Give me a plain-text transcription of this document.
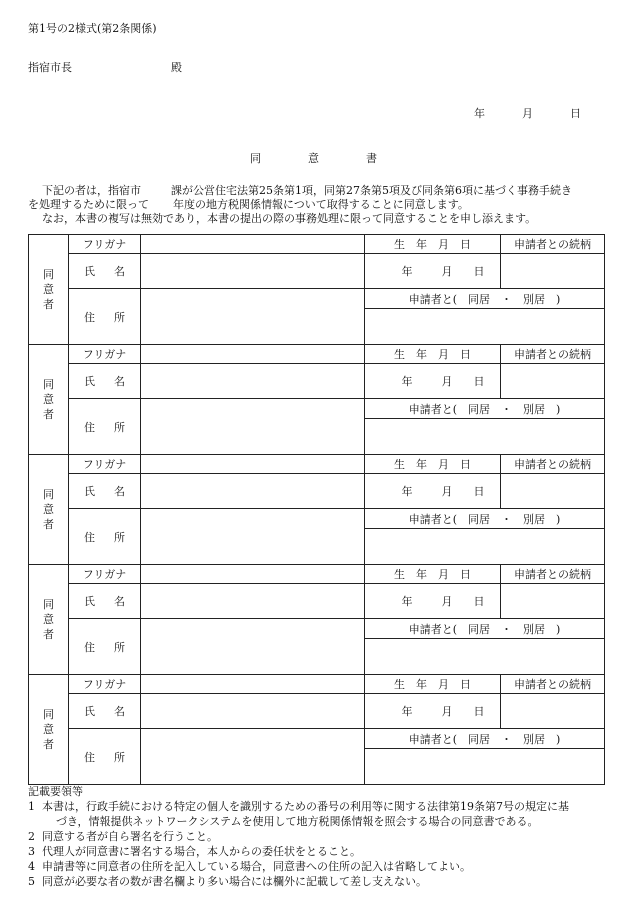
第1号の2様式(第2条関係)
指宿市長	殿
年	月	日
同	意	書
下記の者は，指宿市	課が公営住宅法第25条第1項，同第27条第5項及び同条第6項に基づく事務手続き
を処理するために限って 年度の地方税関係情報について取得することに同意します。
なお，本書の複写は無効であり，本書の提出の際の事務処理に限って同意することを申し添えます。
同意者	フリガナ		生　年　月　日	申請者との続柄
	氏 名		年 月 日	
	住 所		申請者と(　同居　・　別居　)	

同意者	フリガナ		生　年　月　日	申請者との続柄
	氏 名		年 月 日	
	住 所		申請者と(　同居　・　別居　)	

同意者	フリガナ		生　年　月　日	申請者との続柄
	氏 名		年 月 日	
	住 所		申請者と(　同居　・　別居　)	

同意者	フリガナ		生　年　月　日	申請者との続柄
	氏 名		年 月 日	
	住 所		申請者と(　同居　・　別居　)	

同意者	フリガナ		生　年　月　日	申請者との続柄
	氏 名		年 月 日	
	住 所		申請者と(　同居　・　別居　)	

記載要領等
1 本書は，行政手続における特定の個人を識別するための番号の利用等に関する法律第19条第7号の規定に基
づき，情報提供ネットワークシステムを使用して地方税関係情報を照会する場合の同意書である。
2 同意する者が自ら署名を行うこと。
3 代理人が同意書に署名する場合，本人からの委任状をとること。
4 申請書等に同意者の住所を記入している場合，同意書への住所の記入は省略してよい。
5 同意が必要な者の数が書名欄より多い場合には欄外に記載して差し支えない。
